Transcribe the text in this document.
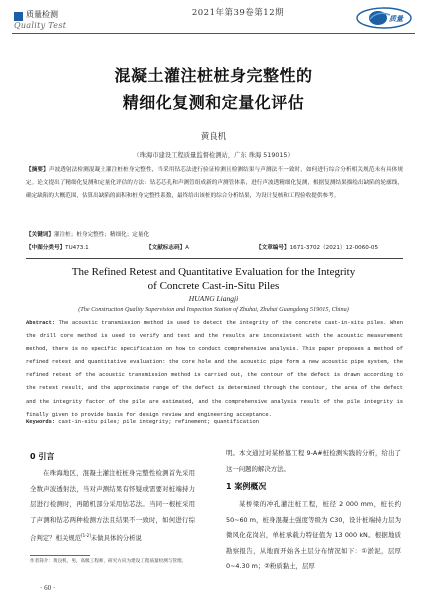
质量检测
Quality Test
2021年第39卷第12期
质量
混凝土灌注桩桩身完整性的
精细化复测和定量化评估
黄良机
（珠海市建设工程质量监督检测站，广东 珠海 519015）
【摘要】声波透射法检测混凝土灌注桩桩身完整性，当采用钻芯法进行验证检测且检测结果与声测法不一致时，如何进行综合分析相关规范未有具体规定。论文提出了精细化复测和定量化评估的方法：钻芯芯孔和声测管组成新的声测管体系，进行声波透精细化复测，根据复测结果描绘出缺陷的轮廓线，确定缺陷的大概范围，估算出缺陷的面积和桩身完整性系数，最终给出该桩的综合分析结果，为设计复核和工程验收提供参考。
【关键词】灌注桩；桩身完整性；精细化；定量化
【中图分类号】TU473.1	【文献标志码】A	【文章编号】1671-3702（2021）12-0060-05
The Refined Retest and Quantitative Evaluation for the Integrity
of Concrete Cast-in-Situ Piles
HUANG Liangji
(The Construction Quality Supervision and Inspection Station of Zhuhai, Zhuhai Guangdong 519015, China)
Abstract: The acoustic transmission method is used to detect the integrity of the concrete cast-in-situ piles. When the drill core method is used to verify and test and the results are inconsistent with the acoustic measurement method, there is no specific specification on how to conduct comprehensive analysis. This paper proposes a method of refined retest and quantitative evaluation: the core hole and the acoustic pipe form a new acoustic pipe system, the refined retest of the acoustic transmission method is carried out, the contour of the defect is drawn according to the retest result, and the approximate range of the defect is determined through the contour, the area of the defect and the integrity factor of the pile are estimated, and the comprehensive analysis result of the pile integrity is finally given to provide basis for design review and engineering acceptance.
Keywords: cast-in-situ piles; pile integrity; refinement; quantification
0 引言
在珠海地区，混凝土灌注桩桩身完整性检测首先采用全数声波透射法，当对声测结果有怀疑或需要对桩端持力层进行检测时，再随机部分采用钻芯法。当同一根桩采用了声测和钻芯两种检测方法且结果不一致时，如何进行综合判定？相关规范[1-2]未做具体的分析说
明。本文通过对某桥墓工程 9-A#桩检测实践的分析，给出了这一问题的解决方法。
1 案例概况
某桥梁的冲孔灌注桩工程，桩径 2 000 mm，桩长约 50~60 m，桩身混凝土强度等级为 C30，设计桩端持力层为微风化花岗岩，单桩承载力特征值为 13 000 kN。根据地质勘察报告，从地面开始各土层分布情况如下：①淤泥，层厚 0~4.30 m；②粉质黏土，层厚
作者简介：黄良机，男，高级工程师，研究方向为建设工程质量检测与管理。
· 60 ·
